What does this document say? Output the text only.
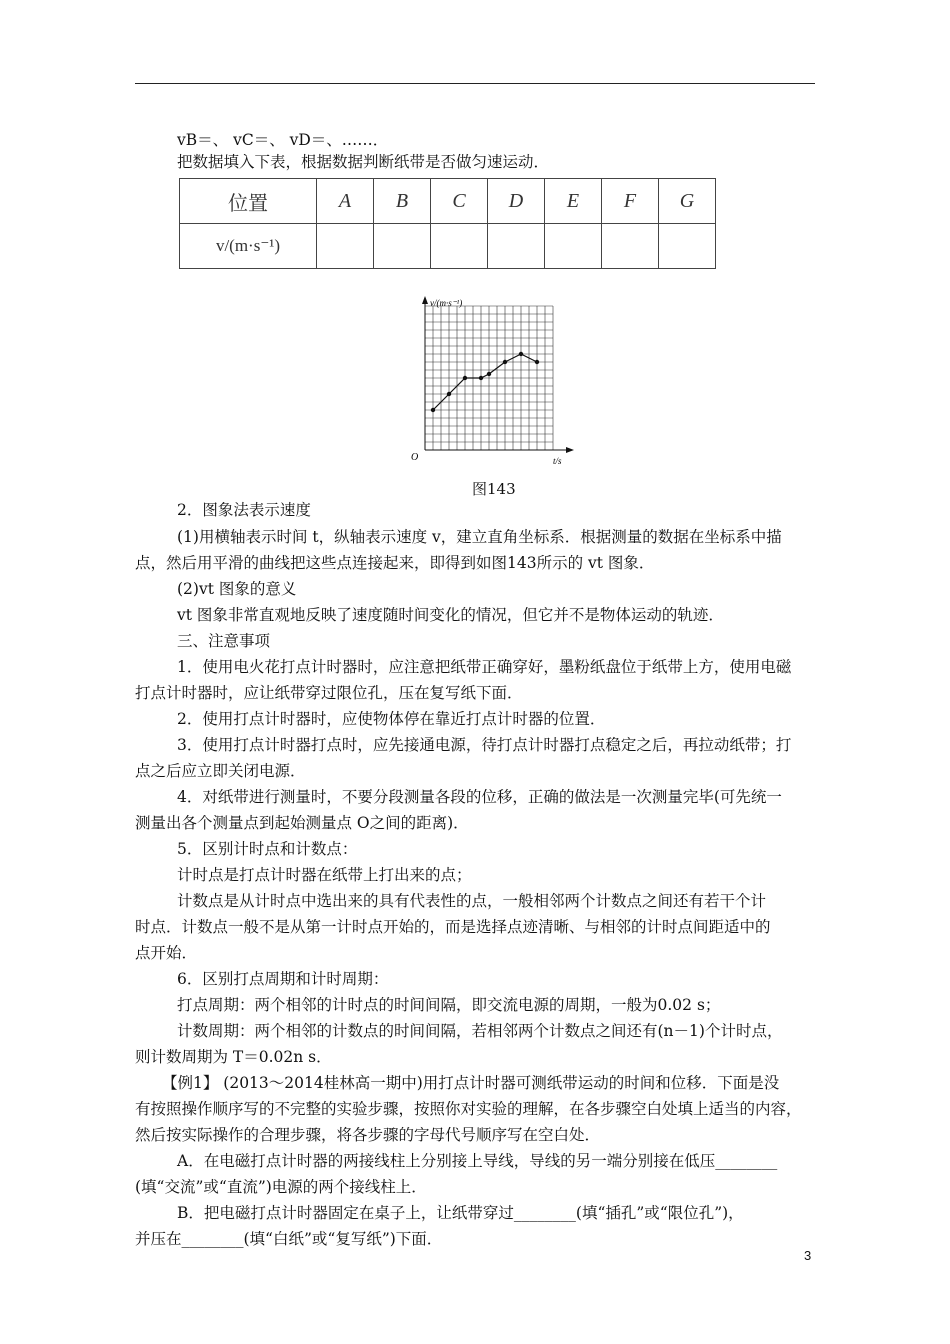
vB＝、 vC＝、 vD＝、……．
把数据填入下表，根据数据判断纸带是否做匀速运动．
位置	A	B	C	D	E	F	G
v/(m·s⁻¹)							
v/(m·s⁻¹)
t/s
O
图143
2．图象法表示速度
(1)用横轴表示时间 t，纵轴表示速度 v，建立直角坐标系．根据测量的数据在坐标系中描
点，然后用平滑的曲线把这些点连接起来，即得到如图143所示的 vt 图象．
(2)vt 图象的意义
vt 图象非常直观地反映了速度随时间变化的情况，但它并不是物体运动的轨迹．
三、注意事项
1．使用电火花打点计时器时，应注意把纸带正确穿好，墨粉纸盘位于纸带上方，使用电磁
打点计时器时，应让纸带穿过限位孔，压在复写纸下面．
2．使用打点计时器时，应使物体停在靠近打点计时器的位置．
3．使用打点计时器打点时，应先接通电源，待打点计时器打点稳定之后，再拉动纸带；打
点之后应立即关闭电源．
4．对纸带进行测量时，不要分段测量各段的位移，正确的做法是一次测量完毕(可先统一
测量出各个测量点到起始测量点 O之间的距离)．
5．区别计时点和计数点：
计时点是打点计时器在纸带上打出来的点；
计数点是从计时点中选出来的具有代表性的点，一般相邻两个计数点之间还有若干个计
时点．计数点一般不是从第一计时点开始的，而是选择点迹清晰、与相邻的计时点间距适中的
点开始．
6．区别打点周期和计时周期：
打点周期：两个相邻的计时点的时间间隔，即交流电源的周期，一般为0.02 s；
计数周期：两个相邻的计数点的时间间隔，若相邻两个计数点之间还有(n－1)个计时点，
则计数周期为 T＝0.02n s．
【例1】 (2013～2014桂林高一期中)用打点计时器可测纸带运动的时间和位移．下面是没
有按照操作顺序写的不完整的实验步骤，按照你对实验的理解，在各步骤空白处填上适当的内容，
然后按实际操作的合理步骤，将各步骤的字母代号顺序写在空白处．
A．在电磁打点计时器的两接线柱上分别接上导线，导线的另一端分别接在低压________
(填“交流”或“直流”)电源的两个接线柱上．
B．把电磁打点计时器固定在桌子上，让纸带穿过________(填“插孔”或“限位孔”)，
并压在________(填“白纸”或“复写纸”)下面．
3
